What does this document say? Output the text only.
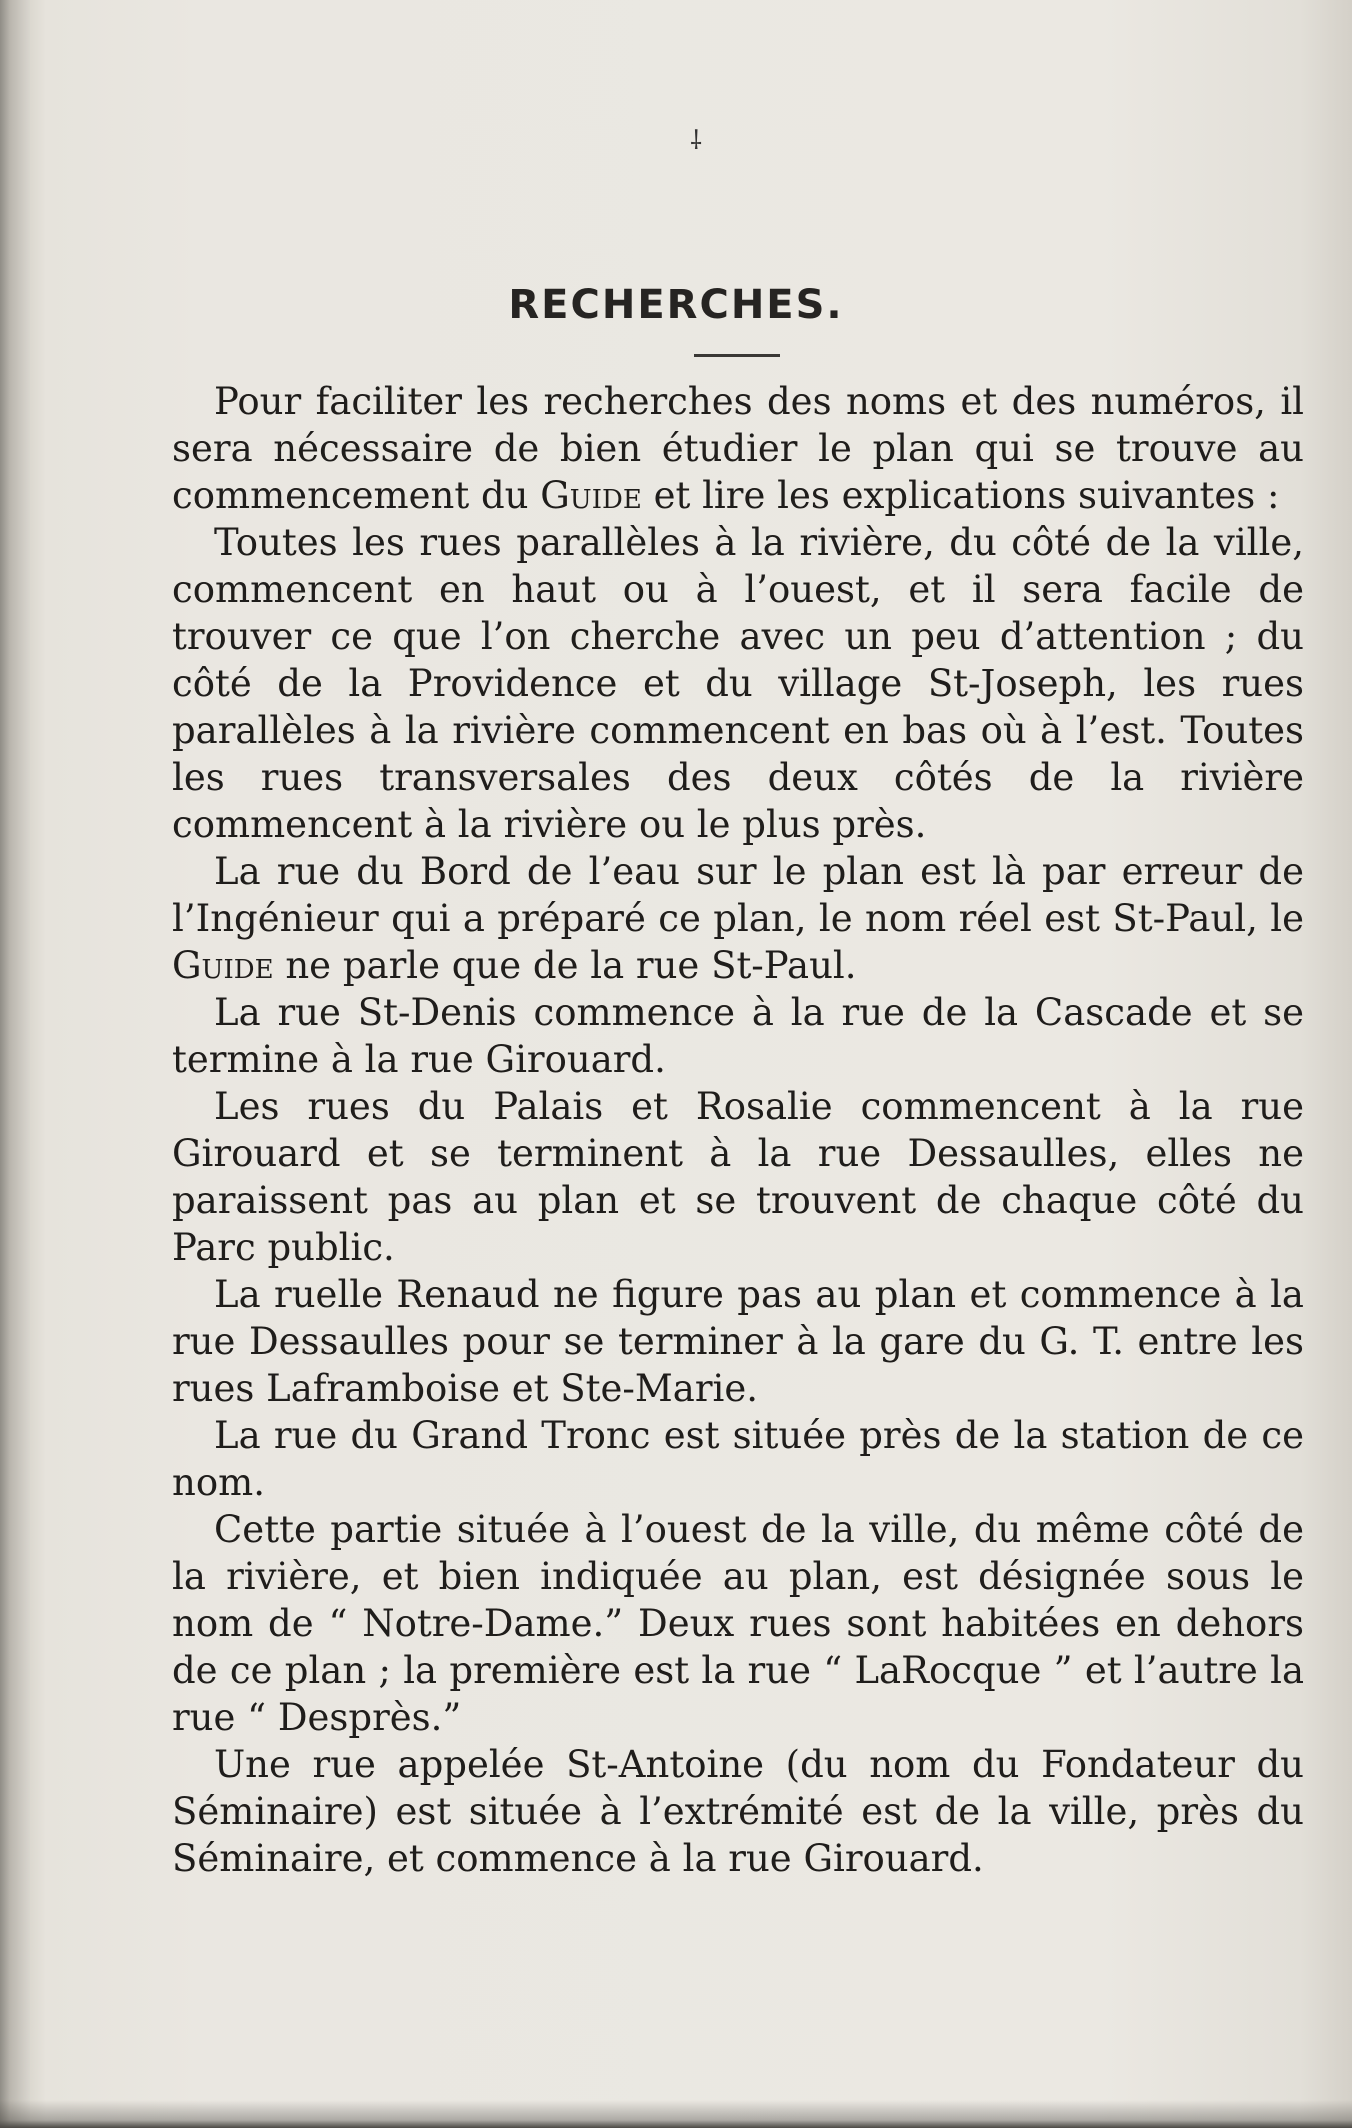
⸸
RECHERCHES.

Pour faciliter les recherches des noms et des numéros, il sera nécessaire de bien étudier le plan qui se trouve au commencement du Guide et lire les explications suivantes :

Toutes les rues parallèles à la rivière, du côté de la ville, commencent en haut ou à l’ouest, et il sera facile de trouver ce que l’on cherche avec un peu d’attention ; du côté de la Providence et du village St-Joseph, les rues parallèles à la rivière commencent en bas où à l’est. Toutes les rues transversales des deux côtés de la rivière commencent à la rivière ou le plus près.

La rue du Bord de l’eau sur le plan est là par erreur de l’Ingénieur qui a préparé ce plan, le nom réel est St-Paul, le Guide ne parle que de la rue St-Paul.

La rue St-Denis commence à la rue de la Cascade et se termine à la rue Girouard.

Les rues du Palais et Rosalie commencent à la rue Girouard et se terminent à la rue Dessaulles, elles ne paraissent pas au plan et se trouvent de chaque côté du Parc public.

La ruelle Renaud ne figure pas au plan et commence à la rue Dessaulles pour se terminer à la gare du G. T. entre les rues Laframboise et Ste-Marie.

La rue du Grand Tronc est située près de la station de ce nom.

Cette partie située à l’ouest de la ville, du même côté de la rivière, et bien indiquée au plan, est désignée sous le nom de “ Notre-Dame.” Deux rues sont habitées en dehors de ce plan ; la première est la rue “ LaRocque ” et l’autre la rue “ Desprès.”

Une rue appelée St-Antoine (du nom du Fondateur du Séminaire) est située à l’extrémité est de la ville, près du Séminaire, et commence à la rue Girouard.
